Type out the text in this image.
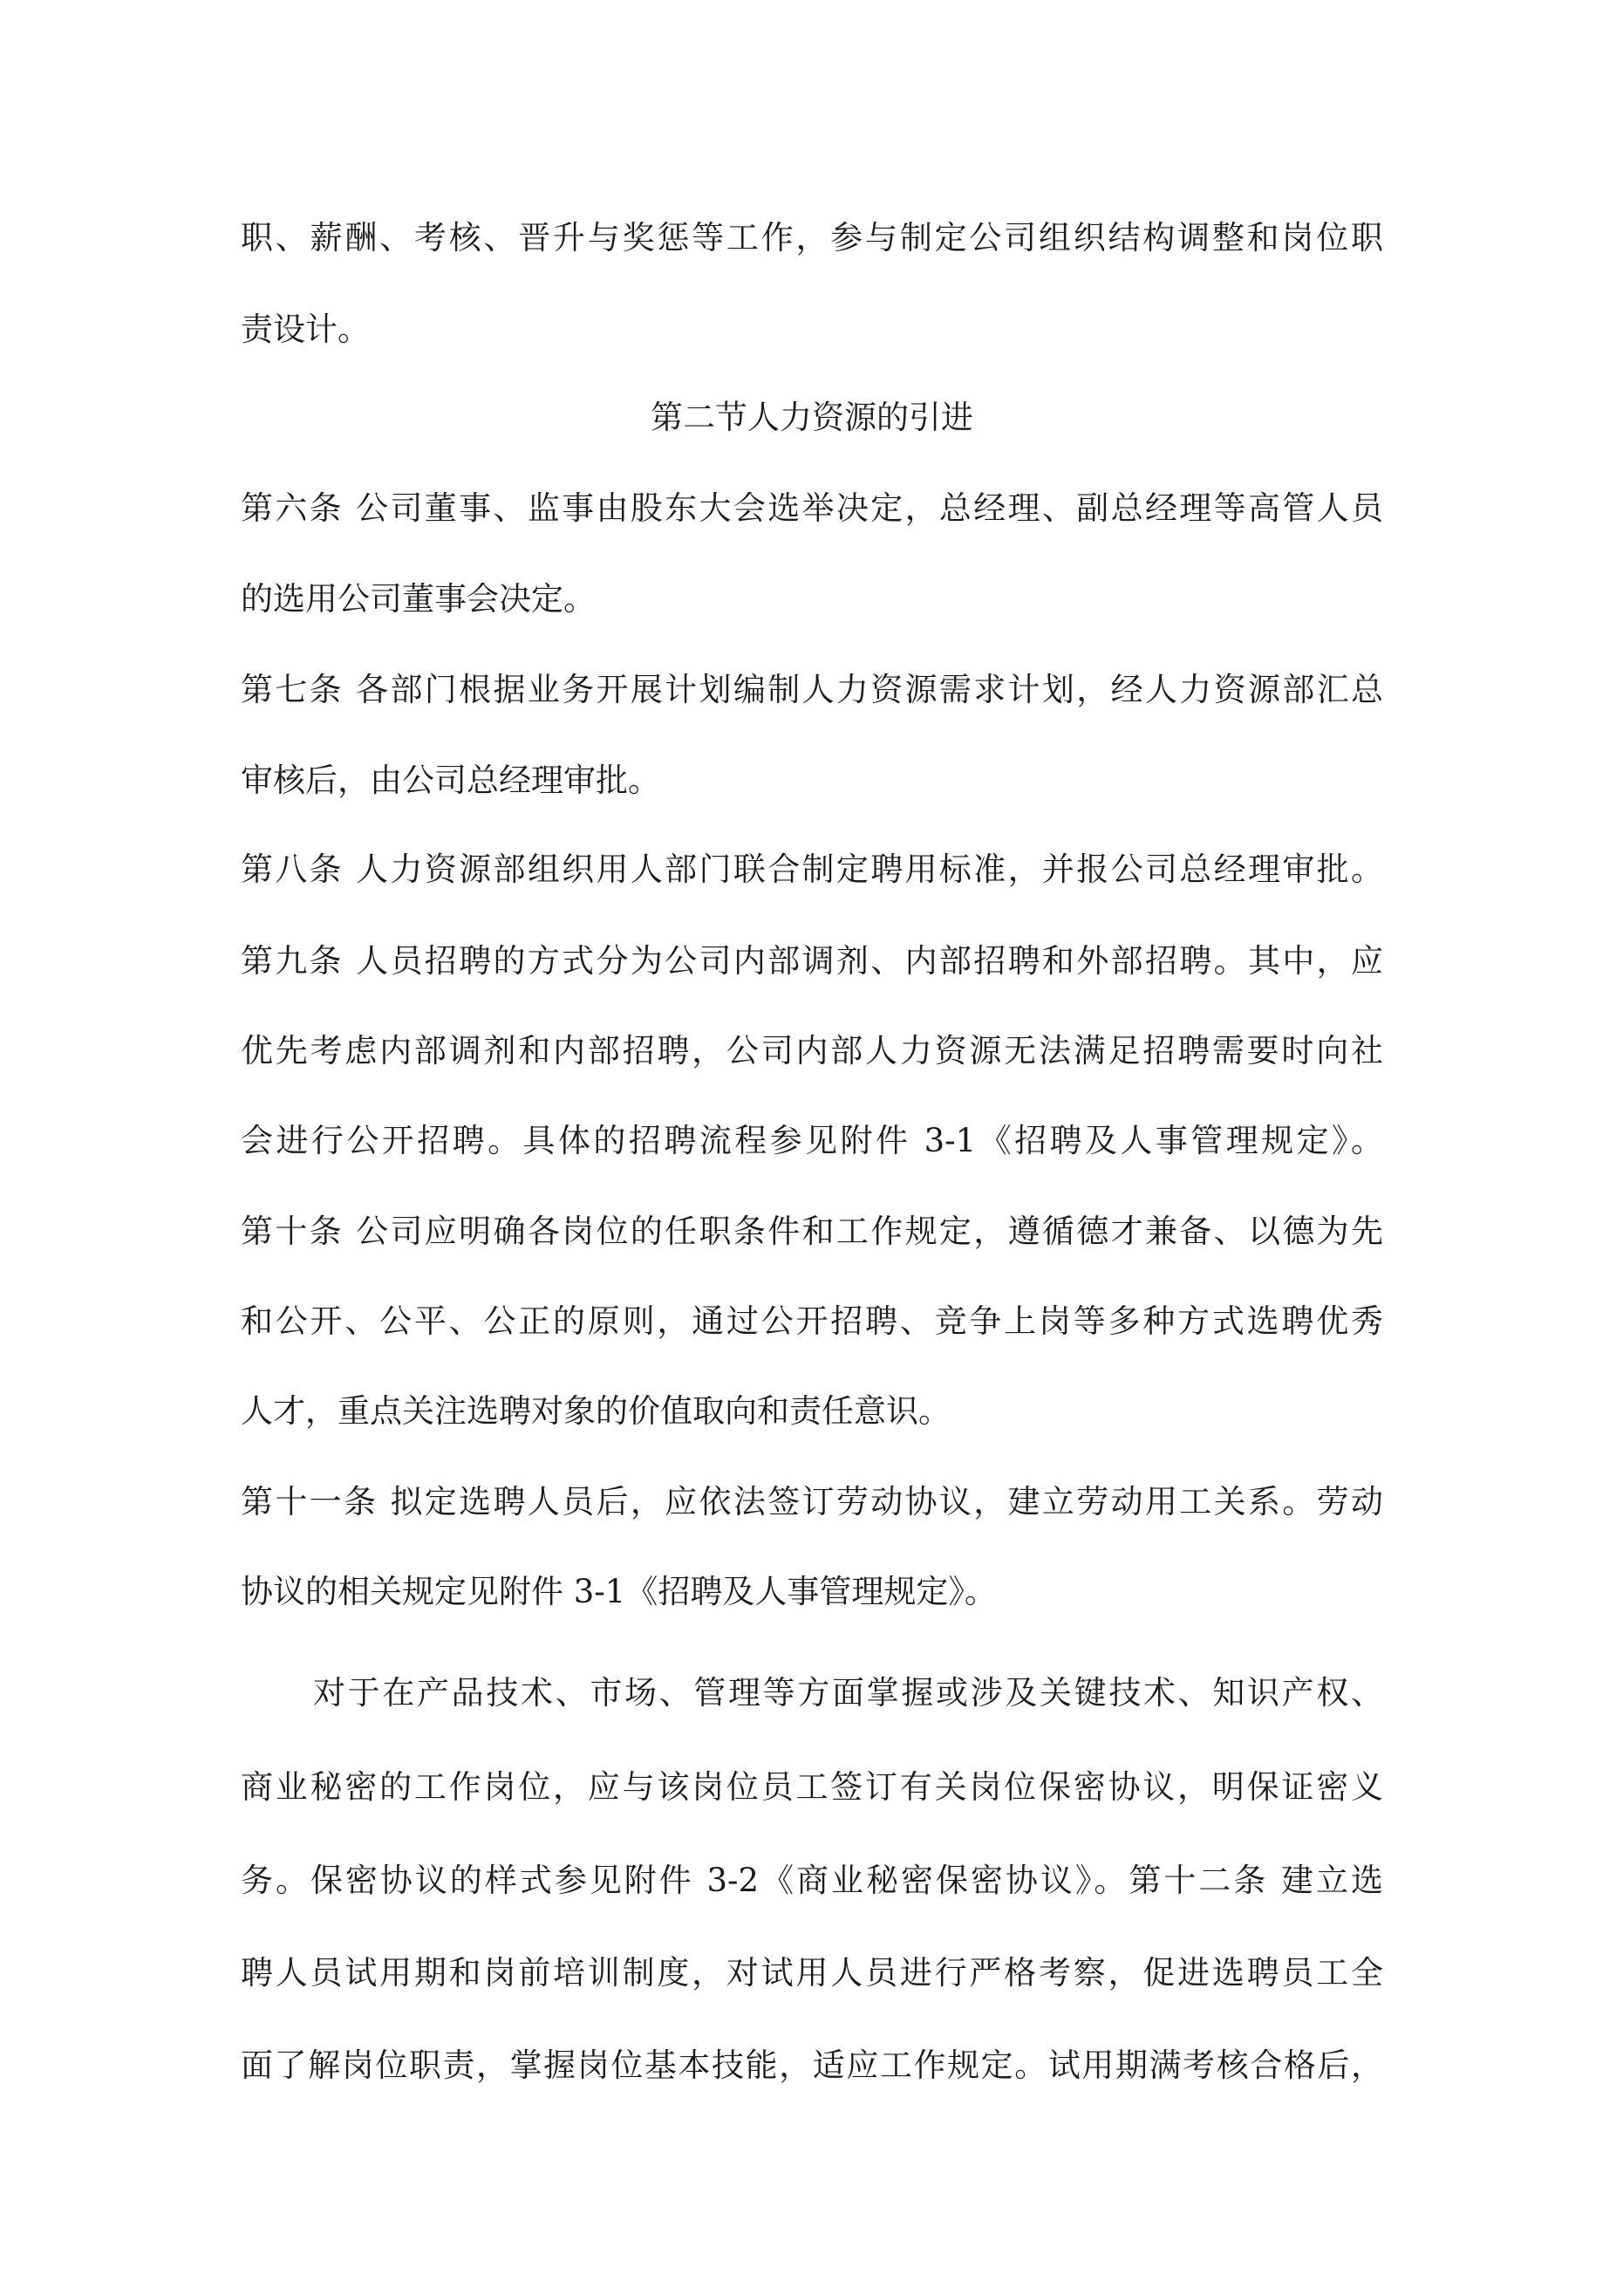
职、薪酬、考核、晋升与奖惩等工作，参与制定公司组织结构调整和岗位职
责设计。
第二节人力资源的引进
第六条 公司董事、监事由股东大会选举决定，总经理、副总经理等高管人员
的选用公司董事会决定。
第七条 各部门根据业务开展计划编制人力资源需求计划，经人力资源部汇总
审核后，由公司总经理审批。
第八条 人力资源部组织用人部门联合制定聘用标准，并报公司总经理审批。
第九条 人员招聘的方式分为公司内部调剂、内部招聘和外部招聘。其中，应
优先考虑内部调剂和内部招聘，公司内部人力资源无法满足招聘需要时向社
会进行公开招聘。具体的招聘流程参见附件 3-1《招聘及人事管理规定》。
第十条 公司应明确各岗位的任职条件和工作规定，遵循德才兼备、以德为先
和公开、公平、公正的原则，通过公开招聘、竞争上岗等多种方式选聘优秀
人才，重点关注选聘对象的价值取向和责任意识。
第十一条 拟定选聘人员后，应依法签订劳动协议，建立劳动用工关系。劳动
协议的相关规定见附件 3-1《招聘及人事管理规定》。
对于在产品技术、市场、管理等方面掌握或涉及关键技术、知识产权、
商业秘密的工作岗位，应与该岗位员工签订有关岗位保密协议，明保证密义
务。保密协议的样式参见附件 3-2《商业秘密保密协议》。第十二条 建立选
聘人员试用期和岗前培训制度，对试用人员进行严格考察，促进选聘员工全
面了解岗位职责，掌握岗位基本技能，适应工作规定。试用期满考核合格后，
